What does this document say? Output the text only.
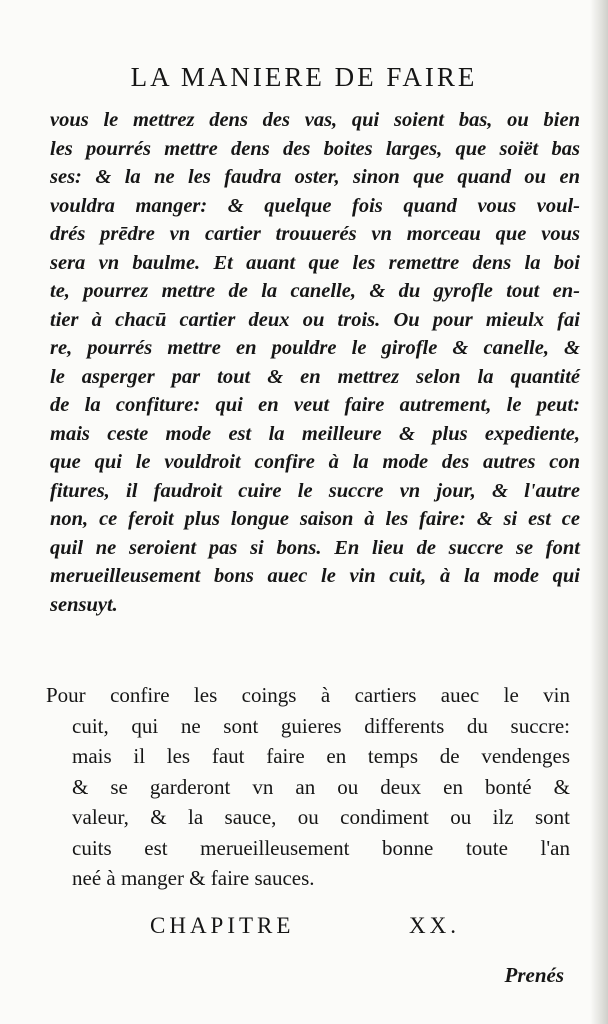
LA MANIERE DE FAIRE
vous le mettrez dens des vas, qui soient bas, ou bien
les pourrés mettre dens des boites larges, que soiët bas
ses: & la ne les faudra oster, sinon que quand ou en
vouldra manger: & quelque fois quand vous voul-
drés prēdre vn cartier trouuerés vn morceau que vous
sera vn baulme. Et auant que les remettre dens la boi
te, pourrez mettre de la canelle, & du gyrofle tout en-
tier à chacū cartier deux ou trois. Ou pour mieulx fai
re, pourrés mettre en pouldre le girofle & canelle, &
le asperger par tout & en mettrez selon la quantité
de la confiture: qui en veut faire autrement, le peut:
mais ceste mode est la meilleure & plus expediente,
que qui le vouldroit confire à la mode des autres con
fitures, il faudroit cuire le succre vn jour, & l'autre
non, ce feroit plus longue saison à les faire: & si est ce
quil ne seroient pas si bons. En lieu de succre se font
merueilleusement bons auec le vin cuit, à la mode qui
sensuyt.
Pour confire les coings à cartiers auec le vin
cuit, qui ne sont guieres differents du succre:
mais il les faut faire en temps de vendenges
& se garderont vn an ou deux en bonté &
valeur, & la sauce, ou condiment ou ilz sont
cuits est merueilleusement bonne toute l'an
neé à manger & faire sauces.
CHAPITRE XX.
Prenés
